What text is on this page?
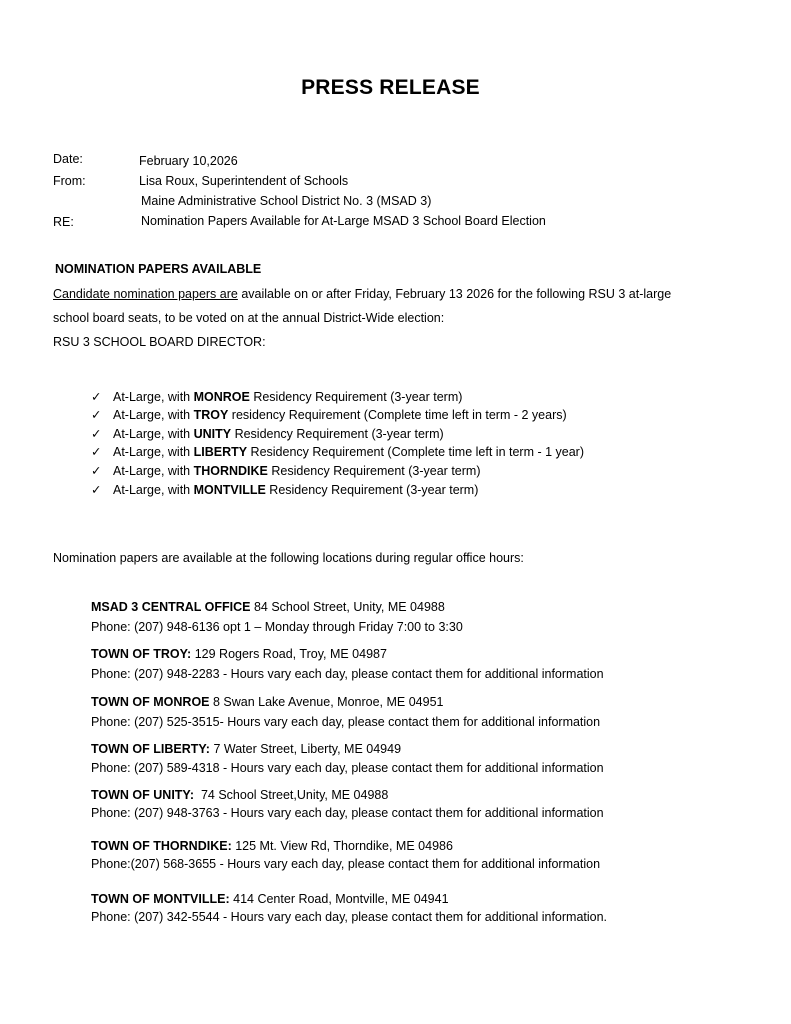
PRESS RELEASE
Date:	February 10,2026
From:	Lisa Roux, Superintendent of Schools
Maine Administrative School District No. 3 (MSAD 3)
RE:	Nomination Papers Available for At-Large MSAD 3 School Board Election
NOMINATION PAPERS AVAILABLE
Candidate nomination papers are available on or after Friday, February 13 2026 for the following RSU 3 at-large
school board seats, to be voted on at the annual District-Wide election:
RSU 3 SCHOOL BOARD DIRECTOR:
✓ At-Large, with MONROE Residency Requirement (3-year term)
✓ At-Large, with TROY residency Requirement (Complete time left in term - 2 years)
✓ At-Large, with UNITY Residency Requirement (3-year term)
✓ At-Large, with LIBERTY Residency Requirement (Complete time left in term - 1 year)
✓ At-Large, with THORNDIKE Residency Requirement (3-year term)
✓ At-Large, with MONTVILLE Residency Requirement (3-year term)
Nomination papers are available at the following locations during regular office hours:
MSAD 3 CENTRAL OFFICE 84 School Street, Unity, ME 04988
Phone: (207) 948-6136 opt 1 – Monday through Friday 7:00 to 3:30
TOWN OF TROY: 129 Rogers Road, Troy, ME 04987
Phone: (207) 948-2283 - Hours vary each day, please contact them for additional information
TOWN OF MONROE 8 Swan Lake Avenue, Monroe, ME 04951
Phone: (207) 525-3515- Hours vary each day, please contact them for additional information
TOWN OF LIBERTY: 7 Water Street, Liberty, ME 04949
Phone: (207) 589-4318 - Hours vary each day, please contact them for additional information
TOWN OF UNITY:  74 School Street,Unity, ME 04988
Phone: (207) 948-3763 - Hours vary each day, please contact them for additional information
TOWN OF THORNDIKE: 125 Mt. View Rd, Thorndike, ME 04986
Phone:(207) 568-3655 - Hours vary each day, please contact them for additional information
TOWN OF MONTVILLE: 414 Center Road, Montville, ME 04941
Phone: (207) 342-5544 - Hours vary each day, please contact them for additional information.
